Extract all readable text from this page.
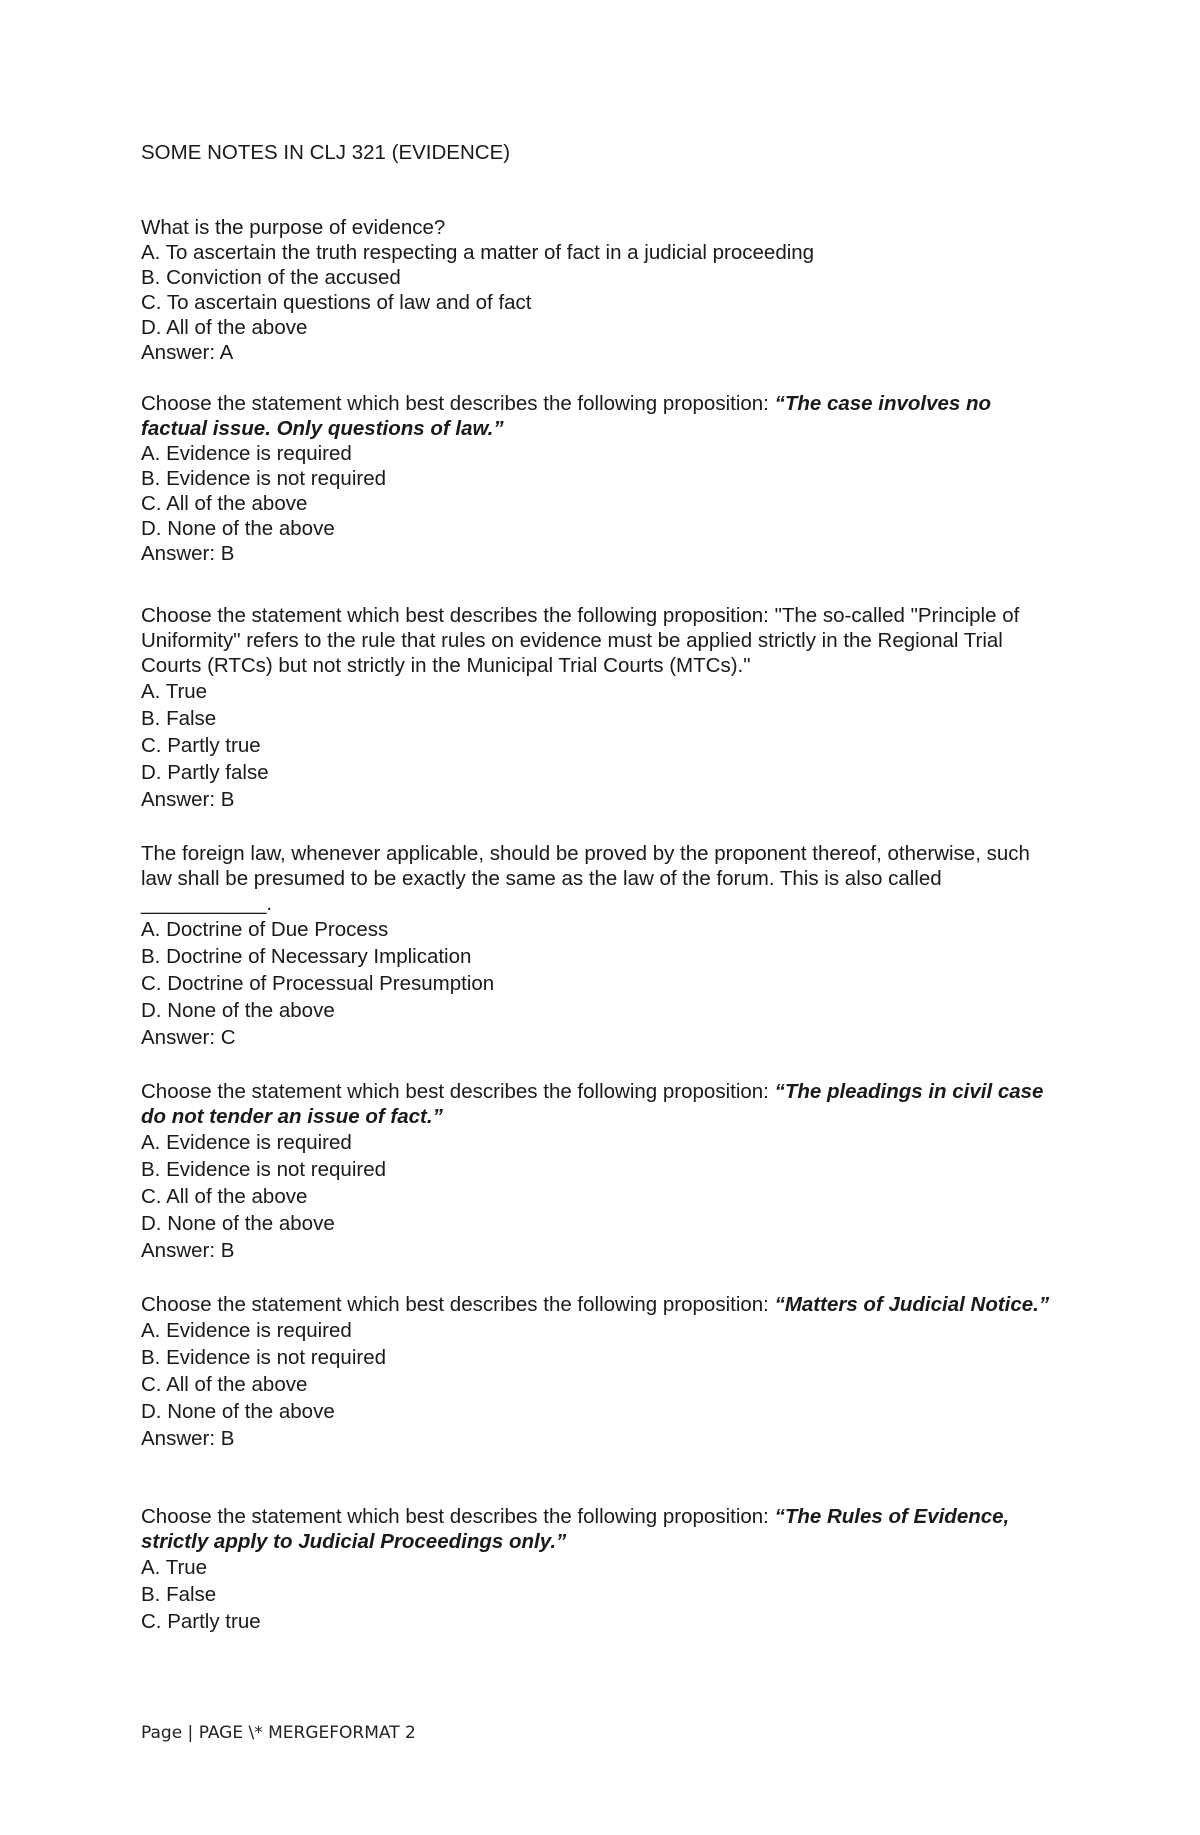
SOME NOTES IN CLJ 321 (EVIDENCE)

What is the purpose of evidence?

A. To ascertain the truth respecting a matter of fact in a judicial proceeding

B. Conviction of the accused

C. To ascertain questions of law and of fact

D. All of the above

Answer: A

Choose the statement which best describes the following proposition: “The case involves no factual issue. Only questions of law.”

A. Evidence is required

B. Evidence is not required

C. All of the above

D. None of the above

Answer: B

Choose the statement which best describes the following proposition: "The so-called "Principle of Uniformity" refers to the rule that rules on evidence must be applied strictly in the Regional Trial Courts (RTCs) but not strictly in the Municipal Trial Courts (MTCs)."

A. True

B. False

C. Partly true

D. Partly false

Answer: B

The foreign law, whenever applicable, should be proved by the proponent thereof, otherwise, such law shall be presumed to be exactly the same as the law of the forum. This is also called ___________.

A. Doctrine of Due Process

B. Doctrine of Necessary Implication

C. Doctrine of Processual Presumption

D. None of the above

Answer: C

Choose the statement which best describes the following proposition: “The pleadings in civil case do not tender an issue of fact.”

A. Evidence is required

B. Evidence is not required

C. All of the above

D. None of the above

Answer: B

Choose the statement which best describes the following proposition: “Matters of Judicial Notice.”

A. Evidence is required

B. Evidence is not required

C. All of the above

D. None of the above

Answer: B

Choose the statement which best describes the following proposition: “The Rules of Evidence, strictly apply to Judicial Proceedings only.”

A. True

B. False

C. Partly true

Page | PAGE \* MERGEFORMAT 2
